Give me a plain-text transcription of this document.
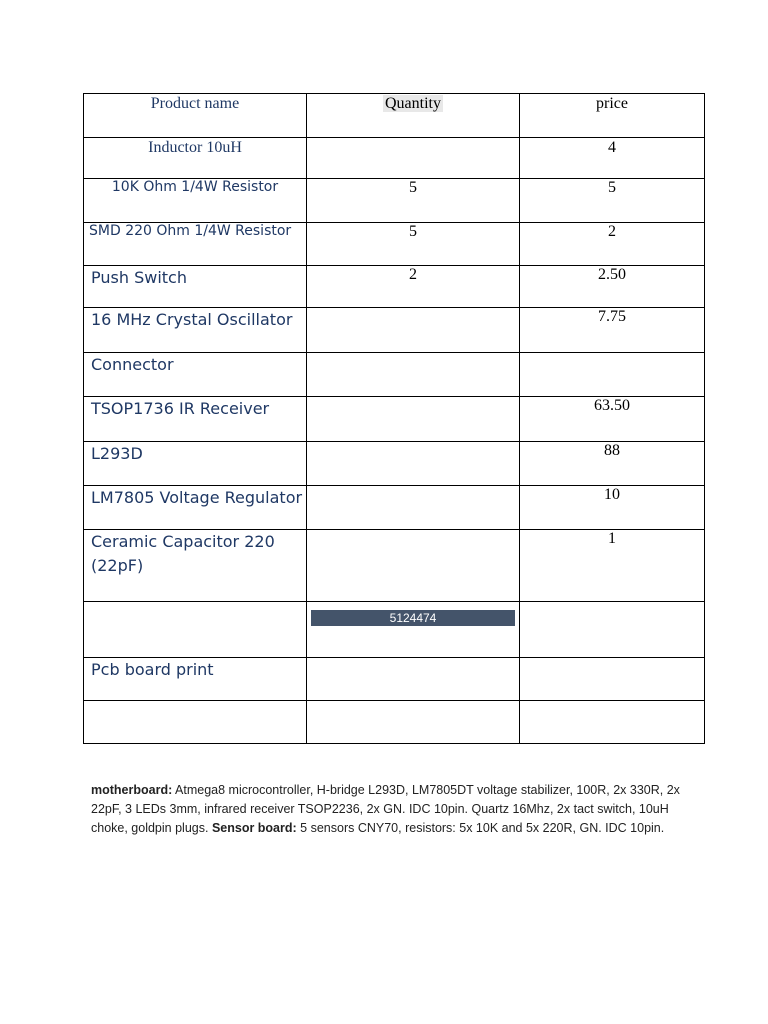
Product name	Quantity	price

Inductor 10uH		4

10K Ohm 1/4W Resistor	5	5

SMD 220 Ohm 1/4W Resistor	5	2

Push Switch	2	2.50

16 MHz Crystal Oscillator		7.75

Connector		

TSOP1736 IR Receiver		63.50

L293D		88

LM7805 Voltage Regulator		10

Ceramic Capacitor 220 (22pF)		1

	5124474	

Pcb board print		

motherboard: Atmega8 microcontroller, H-bridge L293D, LM7805DT voltage stabilizer, 100R, 2x 330R, 2x 22pF, 3 LEDs 3mm, infrared receiver TSOP2236, 2x GN. IDC 10pin. Quartz 16Mhz, 2x tact switch, 10uH choke, goldpin plugs. Sensor board: 5 sensors CNY70, resistors: 5x 10K and 5x 220R, GN. IDC 10pin.
